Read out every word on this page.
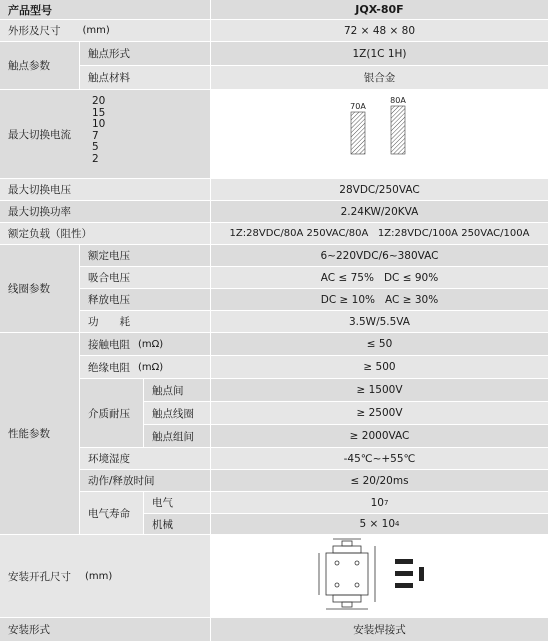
产品型号	JQX-80F
外形及尺寸 (mm)	72 × 48 × 80
触点参数
触点形式	1Z(1C 1H)
触点材料	银合金
最大切换电流
20
15
10
7
5
2
70A
80A
最大切换电压	28VDC/250VAC
最大切换功率	2.24KW/20KVA
额定负载（阻性）	1Z:28VDC/80A 250VAC/80A   1Z:28VDC/100A 250VAC/100A
线圈参数
额定电压	6~220VDC/6~380VAC
吸合电压	AC ≤ 75%   DC ≤ 90%
释放电压	DC ≥ 10%   AC ≥ 30%
功　　耗	3.5W/5.5VA
性能参数
接触电阻 (mΩ)	≤ 50
绝缘电阻 (mΩ)	≥ 500
介质耐压
触点间	≥ 1500V
触点线圈	≥ 2500V
触点组间	≥ 2000VAC
环境湿度	-45℃~+55℃
动作/释放时间	≤ 20/20ms
电气寿命
电气	10 7
机械	5 × 10 4
安装开孔尺寸 (mm)
安装形式	安装焊接式
